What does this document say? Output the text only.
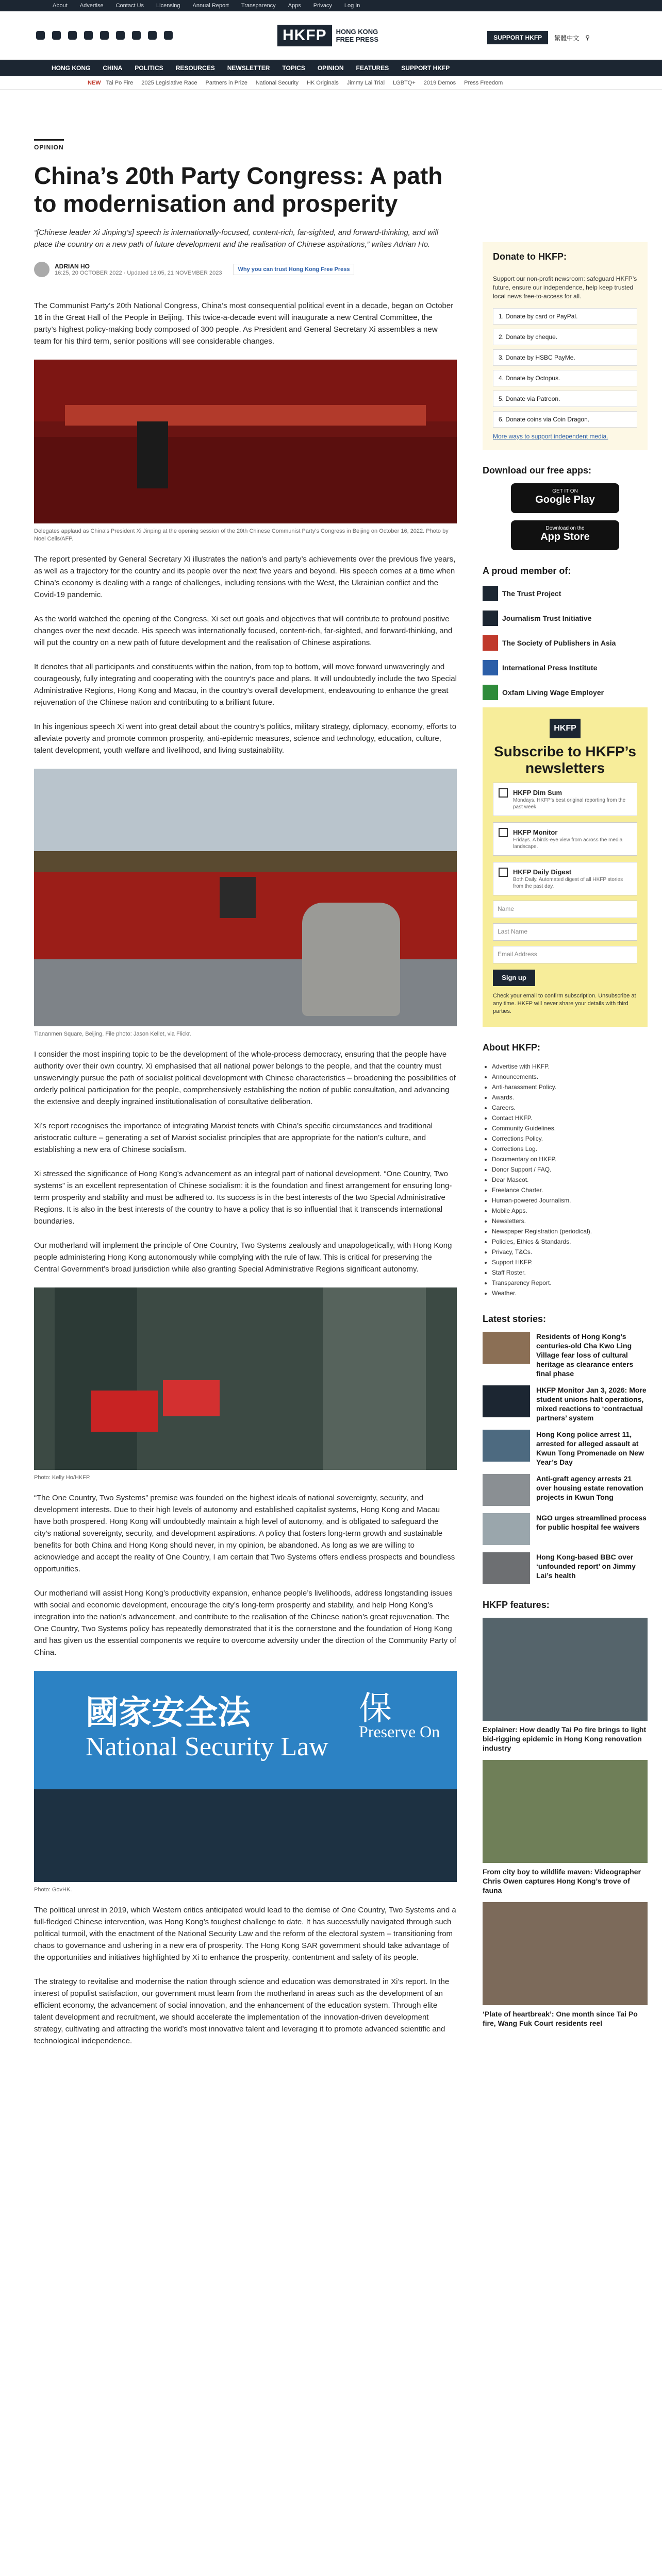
About Advertise Contact Us Licensing Annual Report Transparency Apps Privacy Log In
HKFP	HONG KONG FREE PRESS	SUPPORT HKFP	繁體中文 ⚲
HONG KONG CHINA POLITICS RESOURCES NEWSLETTER TOPICS OPINION FEATURES SUPPORT HKFP
NEW Tai Po Fire 2025 Legislative Race Partners in Prize National Security HK Originals Jimmy Lai Trial LGBTQ+ 2019 Demos Press Freedom
OPINION
China’s 20th Party Congress: A path to modernisation and prosperity

“[Chinese leader Xi Jinping’s] speech is internationally-focused, content-rich, far-sighted, and forward-thinking, and will place the country on a new path of future development and the realisation of Chinese aspirations,” writes Adrian Ho.

ADRIAN HO
16:25, 20 OCTOBER 2022 · Updated 18:05, 21 NOVEMBER 2023
Why you can trust Hong Kong Free Press

The Communist Party’s 20th National Congress, China’s most consequential political event in a decade, began on October 16 in the Great Hall of the People in Beijing. This twice-a-decade event will inaugurate a new Central Committee, the party’s highest policy-making body composed of 300 people. As President and General Secretary Xi assembles a new team for his third term, senior positions will see considerable changes.

Delegates applaud as China’s President Xi Jinping at the opening session of the 20th Chinese Communist Party’s Congress in Beijing on October 16, 2022. Photo by Noel Celis/AFP.

The report presented by General Secretary Xi illustrates the nation’s and party’s achievements over the previous five years, as well as a trajectory for the country and its people over the next five years and beyond. His speech comes at a time when China’s economy is dealing with a range of challenges, including tensions with the West, the Ukrainian conflict and the Covid-19 pandemic.

As the world watched the opening of the Congress, Xi set out goals and objectives that will contribute to profound positive changes over the next decade. His speech was internationally focused, content-rich, far-sighted, and forward-thinking, and will put the country on a new path of future development and the realisation of Chinese aspirations.

It denotes that all participants and constituents within the nation, from top to bottom, will move forward unwaveringly and courageously, fully integrating and cooperating with the country’s pace and plans. It will undoubtedly include the two Special Administrative Regions, Hong Kong and Macau, in the country’s overall development, endeavouring to enhance the great rejuvenation of the Chinese nation and contributing to a brilliant future.

In his ingenious speech Xi went into great detail about the country’s politics, military strategy, diplomacy, economy, efforts to alleviate poverty and promote common prosperity, anti-epidemic measures, science and technology, education, culture, talent development, youth welfare and livelihood, and living sustainability.

Tiananmen Square, Beijing. File photo: Jason Kellet, via Flickr.

I consider the most inspiring topic to be the development of the whole-process democracy, ensuring that the people have authority over their own country. Xi emphasised that all national power belongs to the people, and that the country must unswervingly pursue the path of socialist political development with Chinese characteristics – broadening the possibilities of orderly political participation for the people, comprehensively establishing the notion of public consultation, and advancing the extensive and deeply ingrained institutionalisation of consultative deliberation.

Xi’s report recognises the importance of integrating Marxist tenets with China’s specific circumstances and traditional aristocratic culture – generating a set of Marxist socialist principles that are appropriate for the nation’s culture, and establishing a new era of Chinese socialism.

Xi stressed the significance of Hong Kong’s advancement as an integral part of national development. “One Country, Two systems” is an excellent representation of Chinese socialism: it is the foundation and finest arrangement for ensuring long-term prosperity and stability and must be adhered to. Its success is in the best interests of the two Special Administrative Regions. It is also in the best interests of the country to have a policy that is so influential that it transcends international boundaries.

Our motherland will implement the principle of One Country, Two Systems zealously and unapologetically, with Hong Kong people administering Hong Kong autonomously while complying with the rule of law. This is critical for preserving the Central Government’s broad jurisdiction while also granting Special Administrative Regions significant autonomy.

Photo: Kelly Ho/HKFP.

“The One Country, Two Systems” premise was founded on the highest ideals of national sovereignty, security, and development interests. Due to their high levels of autonomy and established capitalist systems, Hong Kong and Macau have both prospered. Hong Kong will undoubtedly maintain a high level of autonomy, and is obligated to safeguard the city’s national sovereignty, security, and development aspirations. A policy that fosters long-term growth and sustainable benefits for both China and Hong Kong should never, in my opinion, be abandoned. As long as we are willing to acknowledge and accept the reality of One Country, I am certain that Two Systems offers endless prospects and boundless opportunities.

Our motherland will assist Hong Kong’s productivity expansion, enhance people’s livelihoods, address longstanding issues with social and economic development, encourage the city’s long-term prosperity and stability, and help Hong Kong’s integration into the nation’s advancement, and contribute to the realisation of the Chinese nation’s great rejuvenation. The One Country, Two Systems policy has repeatedly demonstrated that it is the cornerstone and the foundation of Hong Kong and has given us the essential components we require to overcome adversity under the direction of the Community Party of China.

國家安全法
National Security Law
保
Preserve On
Photo: GovHK.

The political unrest in 2019, which Western critics anticipated would lead to the demise of One Country, Two Systems and a full-fledged Chinese intervention, was Hong Kong’s toughest challenge to date. It has successfully navigated through such political turmoil, with the enactment of the National Security Law and the reform of the electoral system – transitioning from chaos to governance and ushering in a new era of prosperity. The Hong Kong SAR government should take advantage of the opportunities and initiatives highlighted by Xi to enhance the prosperity, contentment and safety of its people.

The strategy to revitalise and modernise the nation through science and education was demonstrated in Xi’s report. In the interest of populist satisfaction, our government must learn from the motherland in areas such as the development of an efficient economy, the advancement of social innovation, and the enhancement of the education system. Through elite talent development and recruitment, we should accelerate the implementation of the innovation-driven development strategy, cultivating and attracting the world’s most innovative talent and leveraging it to promote advanced scientific and technological independence.

Donate to HKFP:

Support our non-profit newsroom: safeguard HKFP’s future, ensure our independence, help keep trusted local news free-to-access for all.

1. Donate by card or PayPal.
2. Donate by cheque.
3. Donate by HSBC PayMe.
4. Donate by Octopus.
5. Donate via Patreon.
6. Donate coins via Coin Dragon.
More ways to support independent media.
Download our free apps:
GET IT ON
Google Play
Download on the
App Store
A proud member of:
The Trust Project
Journalism Trust Initiative
The Society of Publishers in Asia
International Press Institute
Oxfam Living Wage Employer
HKFP
Subscribe to HKFP’s newsletters
HKFP Dim Sum

Mondays. HKFP’s best original reporting from the past week.

HKFP Monitor

Fridays. A birds-eye view from across the media landscape.

HKFP Daily Digest

Both Daily. Automated digest of all HKFP stories from the past day.

Name
Last Name
Email Address
Sign up

Check your email to confirm subscription. Unsubscribe at any time. HKFP will never share your details with third parties.

About HKFP:
• Advertise with HKFP.
• Announcements.
• Anti-harassment Policy.
• Awards.
• Careers.
• Contact HKFP.
• Community Guidelines.
• Corrections Policy.
• Corrections Log.
• Documentary on HKFP.
• Donor Support / FAQ.
• Dear Mascot.
• Freelance Charter.
• Human-powered Journalism.
• Mobile Apps.
• Newsletters.
• Newspaper Registration (periodical).
• Policies, Ethics & Standards.
• Privacy, T&Cs.
• Support HKFP.
• Staff Roster.
• Transparency Report.
• Weather.
Latest stories:
Residents of Hong Kong’s centuries-old Cha Kwo Ling Village fear loss of cultural heritage as clearance enters final phase
HKFP Monitor Jan 3, 2026: More student unions halt operations, mixed reactions to ‘contractual partners’ system
Hong Kong police arrest 11, arrested for alleged assault at Kwun Tong Promenade on New Year’s Day
Anti-graft agency arrests 21 over housing estate renovation projects in Kwun Tong
NGO urges streamlined process for public hospital fee waivers
Hong Kong-based BBC over ‘unfounded report’ on Jimmy Lai’s health
HKFP features:
Explainer: How deadly Tai Po fire brings to light bid-rigging epidemic in Hong Kong renovation industry
From city boy to wildlife maven: Videographer Chris Owen captures Hong Kong’s trove of fauna
‘Plate of heartbreak’: One month since Tai Po fire, Wang Fuk Court residents reel
